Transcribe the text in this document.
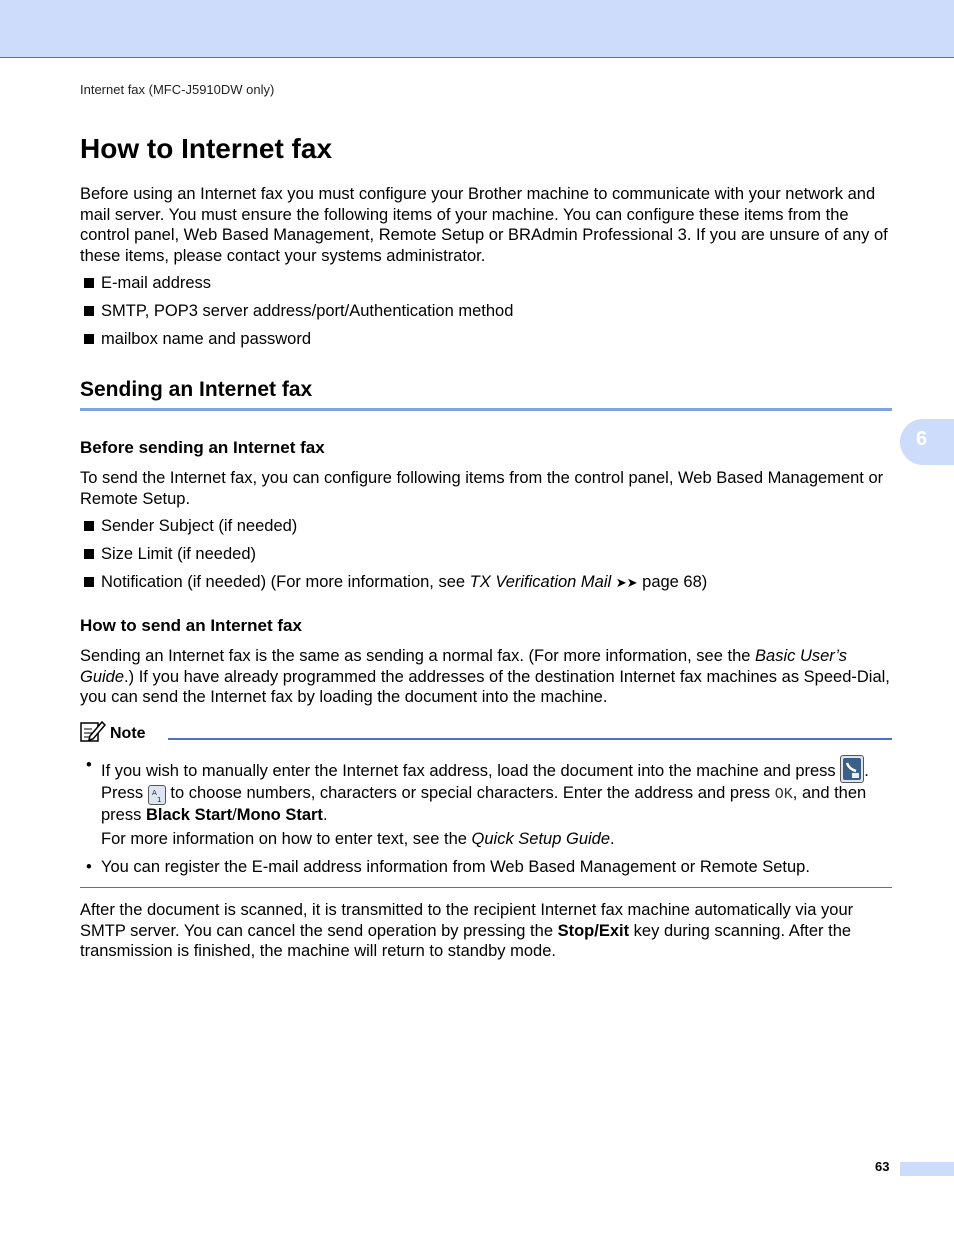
Internet fax (MFC-J5910DW only)
6
How to Internet fax

Before using an Internet fax you must configure your Brother machine to communicate with your network and mail server. You must ensure the following items of your machine. You can configure these items from the control panel, Web Based Management, Remote Setup or BRAdmin Professional 3. If you are unsure of any of these items, please contact your systems administrator.

E-mail address
SMTP, POP3 server address/port/Authentication method
mailbox name and password
Sending an Internet fax
Before sending an Internet fax

To send the Internet fax, you can configure following items from the control panel, Web Based Management or Remote Setup.

Sender Subject (if needed)
Size Limit (if needed)
Notification (if needed) (For more information, see TX Verification Mail ➤➤ page 68)
How to send an Internet fax

Sending an Internet fax is the same as sending a normal fax. (For more information, see the Basic User’s Guide.) If you have already programmed the addresses of the destination Internet fax machines as Speed-Dial, you can send the Internet fax by loading the document into the machine.

Note
• If you wish to manually enter the Internet fax address, load the document into the machine and press .
Press A
1 to choose numbers, characters or special characters. Enter the address and press OK, and then press Black Start/Mono Start.

For more information on how to enter text, see the Quick Setup Guide.

• You can register the E-mail address information from Web Based Management or Remote Setup.

After the document is scanned, it is transmitted to the recipient Internet fax machine automatically via your SMTP server. You can cancel the send operation by pressing the Stop/Exit key during scanning. After the transmission is finished, the machine will return to standby mode.

63
